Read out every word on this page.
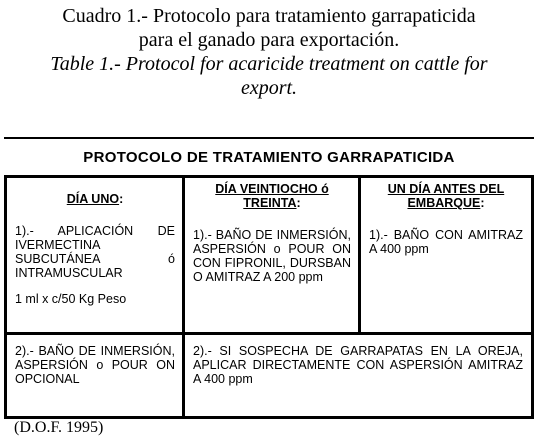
Cuadro 1.- Protocolo para tratamiento garrapaticida
para el ganado para exportación.
Table 1.- Protocol for acaricide treatment on cattle for
export.
PROTOCOLO DE TRATAMIENTO GARRAPATICIDA

DÍA UNO:

1).- APLICACIÓN DE IVERMECTINA SUBCUTÁNEA ó INTRAMUSCULAR

1 ml x c/50 Kg Peso

DÍA VEINTIOCHO ó TREINTA:

1).- BAÑO DE INMERSIÓN, ASPERSIÓN o POUR ON CON FIPRONIL, DURSBAN O AMITRAZ A 200 ppm

UN DÍA ANTES DEL EMBARQUE:

1).- BAÑO CON AMITRAZ A 400 ppm

2).- BAÑO DE INMERSIÓN, ASPERSIÓN o POUR ON OPCIONAL
2).- SI SOSPECHA DE GARRAPATAS EN LA OREJA, APLICAR DIRECTAMENTE CON ASPERSIÓN AMITRAZ A 400 ppm
(D.O.F. 1995)
